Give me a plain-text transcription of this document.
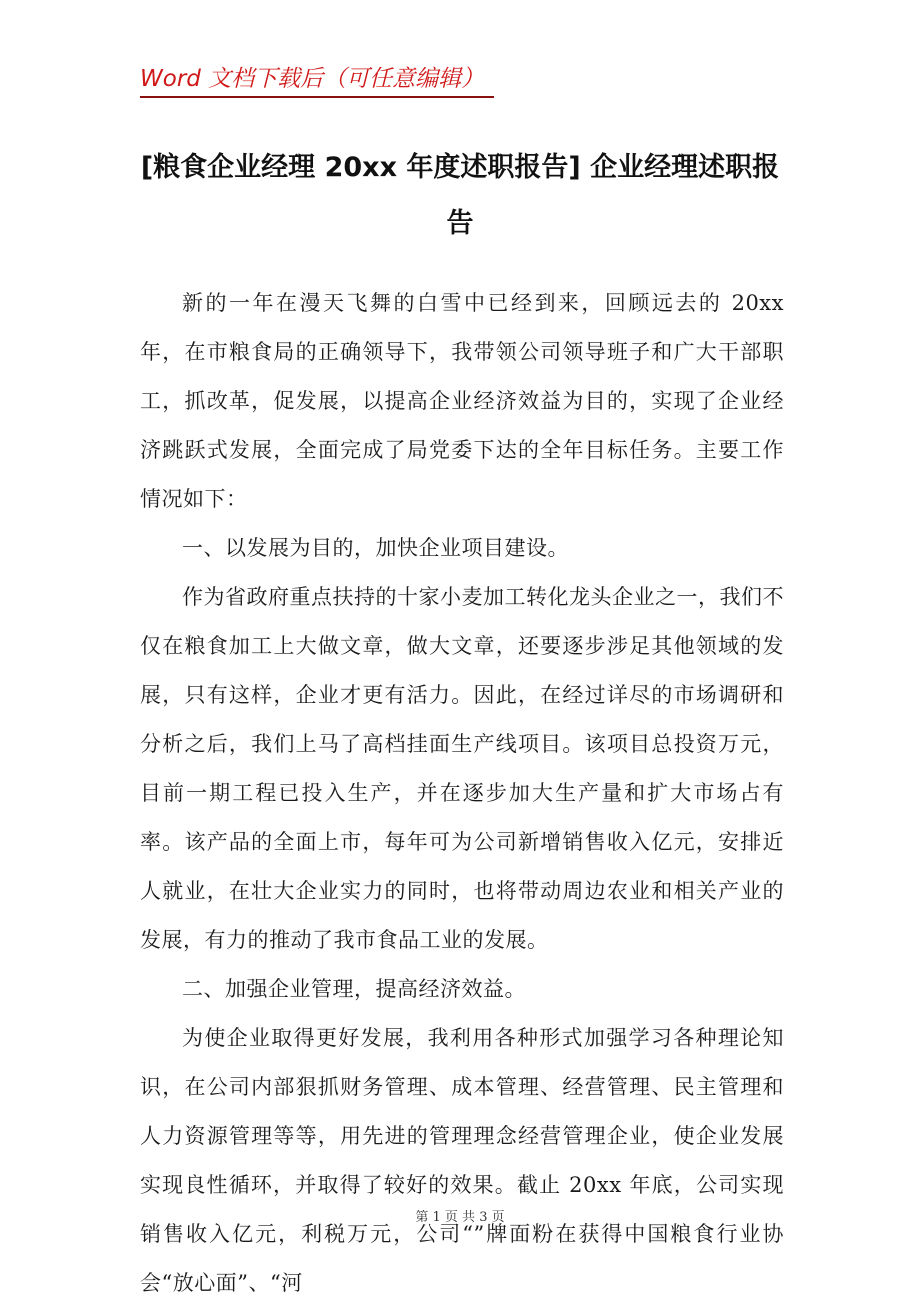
Word 文档下载后（可任意编辑）
[粮食企业经理 20xx 年度述职报告] 企业经理述职报告

新的一年在漫天飞舞的白雪中已经到来，回顾远去的 20xx 年，在市粮食局的正确领导下，我带领公司领导班子和广大干部职工，抓改革，促发展，以提高企业经济效益为目的，实现了企业经济跳跃式发展，全面完成了局党委下达的全年目标任务。主要工作情况如下：

一、以发展为目的，加快企业项目建设。

作为省政府重点扶持的十家小麦加工转化龙头企业之一，我们不仅在粮食加工上大做文章，做大文章，还要逐步涉足其他领域的发展，只有这样，企业才更有活力。因此，在经过详尽的市场调研和分析之后，我们上马了高档挂面生产线项目。该项目总投资万元，目前一期工程已投入生产，并在逐步加大生产量和扩大市场占有率。该产品的全面上市，每年可为公司新增销售收入亿元，安排近人就业，在壮大企业实力的同时，也将带动周边农业和相关产业的发展，有力的推动了我市食品工业的发展。

二、加强企业管理，提高经济效益。

为使企业取得更好发展，我利用各种形式加强学习各种理论知识，在公司内部狠抓财务管理、成本管理、经营管理、民主管理和人力资源管理等等，用先进的管理理念经营管理企业，使企业发展实现良性循环，并取得了较好的效果。截止 20xx 年底，公司实现销售收入亿元，利税万元，公司“”牌面粉在获得中国粮食行业协会“放心面”、“河

第 1 页 共 3 页
